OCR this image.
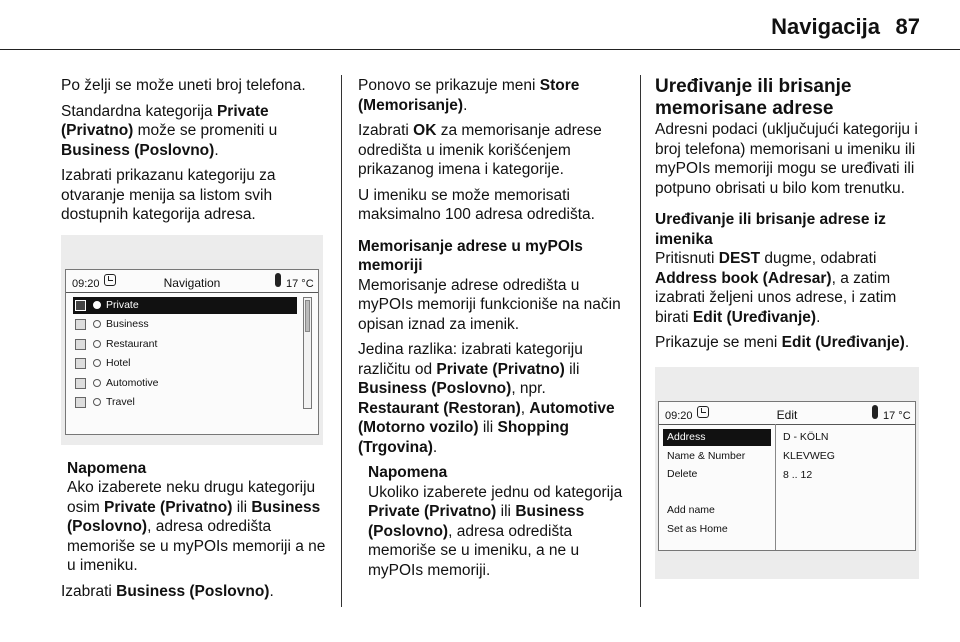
Navigacija 87

Po želji se može uneti broj telefona.

Standardna kategorija Private (Privatno) može se promeniti u Business (Poslovno).

Izabrati prikazanu kategoriju za otvaranje menija sa listom svih dostupnih kategorija adresa.

09:20	Navigation	17 °C
Private
Business
Restaurant
Hotel
Automotive
Travel
Napomena

Ako izaberete neku drugu kategoriju osim Private (Privatno) ili Business (Poslovno), adresa odredišta memoriše se u myPOIs memoriji a ne u imeniku.

Izabrati Business (Poslovno).

Ponovo se prikazuje meni Store (Memorisanje).

Izabrati OK za memorisanje adrese odredišta u imenik korišćenjem prikazanog imena i kategorije.

U imeniku se može memorisati maksimalno 100 adresa odredišta.

Memorisanje adrese u myPOIs memoriji

Memorisanje adrese odredišta u myPOIs memoriji funkcioniše na način opisan iznad za imenik.

Jedina razlika: izabrati kategoriju različitu od Private (Privatno) ili Business (Poslovno), npr. Restaurant (Restoran), Automotive (Motorno vozilo) ili Shopping (Trgovina).

Napomena

Ukoliko izaberete jednu od kategorija Private (Privatno) ili Business (Poslovno), adresa odredišta memoriše se u imeniku, a ne u myPOIs memoriji.

Uređivanje ili brisanje memorisane adrese

Adresni podaci (uključujući kategoriju i broj telefona) memorisani u imeniku ili myPOIs memoriji mogu se uređivati ili potpuno obrisati u bilo kom trenutku.

Uređivanje ili brisanje adrese iz imenika

Pritisnuti DEST dugme, odabrati Address book (Adresar), a zatim izabrati željeni unos adrese, i zatim birati Edit (Uređivanje).

Prikazuje se meni Edit (Uređivanje).

09:20	Edit	17 °C
Address
Name & Number
Delete
Add name
Set as Home
D - KÖLN
KLEVWEG
8 .. 12
